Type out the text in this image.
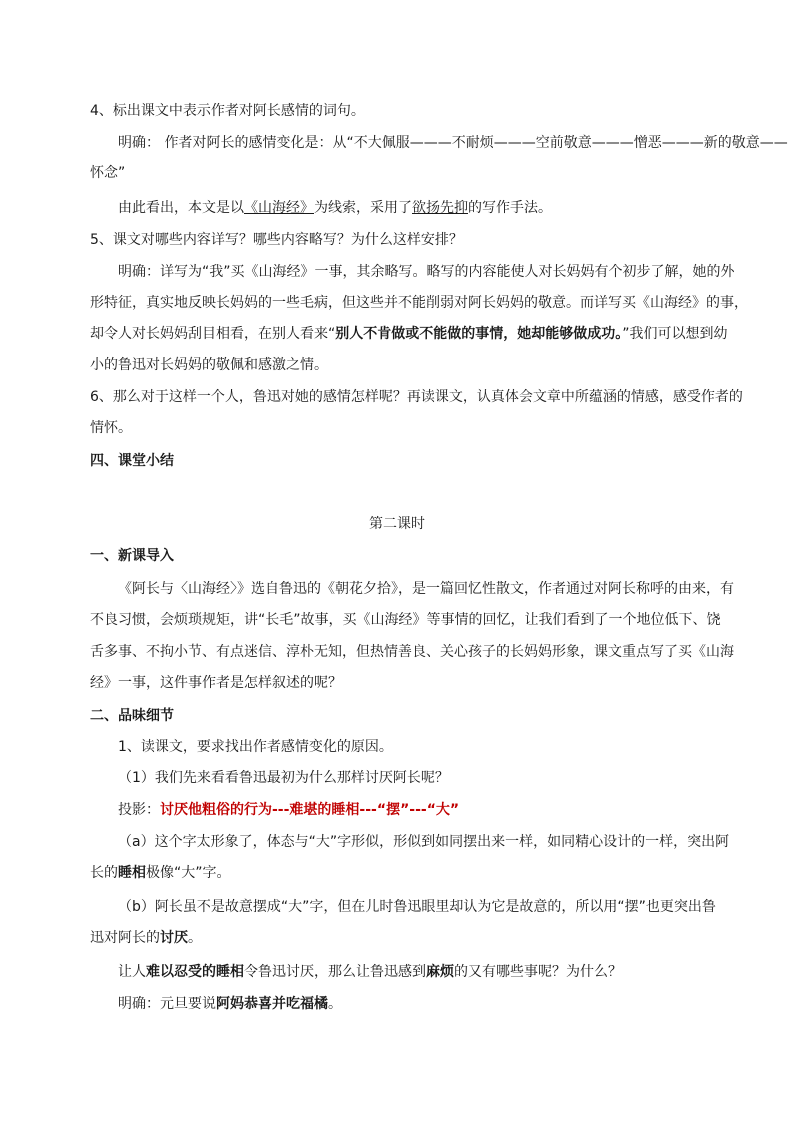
4、标出课文中表示作者对阿长感情的词句。
明确： 作者对阿长的感情变化是：从“不大佩服———不耐烦———空前敬意———憎恶———新的敬意——
怀念”
由此看出，本文是以《山海经》为线索，采用了欲扬先抑的写作手法。
5、课文对哪些内容详写？哪些内容略写？为什么这样安排？
明确：详写为“我”买《山海经》一事，其余略写。略写的内容能使人对长妈妈有个初步了解，她的外
形特征，真实地反映长妈妈的一些毛病，但这些并不能削弱对阿长妈妈的敬意。而详写买《山海经》的事，
却令人对长妈妈刮目相看，在别人看来“别人不肯做或不能做的事情，她却能够做成功。”我们可以想到幼
小的鲁迅对长妈妈的敬佩和感激之情。
6、那么对于这样一个人，鲁迅对她的感情怎样呢？再读课文，认真体会文章中所蕴涵的情感，感受作者的
情怀。
四、课堂小结
第二课时
一、新课导入
《阿长与〈山海经〉》选自鲁迅的《朝花夕拾》，是一篇回忆性散文，作者通过对阿长称呼的由来，有
不良习惯，会烦琐规矩，讲“长毛”故事，买《山海经》等事情的回忆，让我们看到了一个地位低下、饶
舌多事、不拘小节、有点迷信、淳朴无知，但热情善良、关心孩子的长妈妈形象，课文重点写了买《山海
经》一事，这件事作者是怎样叙述的呢？
二、品味细节
1、读课文，要求找出作者感情变化的原因。
（1）我们先来看看鲁迅最初为什么那样讨厌阿长呢？
投影：讨厌他粗俗的行为---难堪的睡相---“摆”---“大”
（a）这个字太形象了，体态与“大”字形似，形似到如同摆出来一样，如同精心设计的一样，突出阿
长的睡相极像“大”字。
（b）阿长虽不是故意摆成“大”字，但在儿时鲁迅眼里却认为它是故意的，所以用“摆”也更突出鲁
迅对阿长的讨厌。
让人难以忍受的睡相令鲁迅讨厌，那么让鲁迅感到麻烦的又有哪些事呢？为什么？
明确：元旦要说阿妈恭喜并吃福橘。
